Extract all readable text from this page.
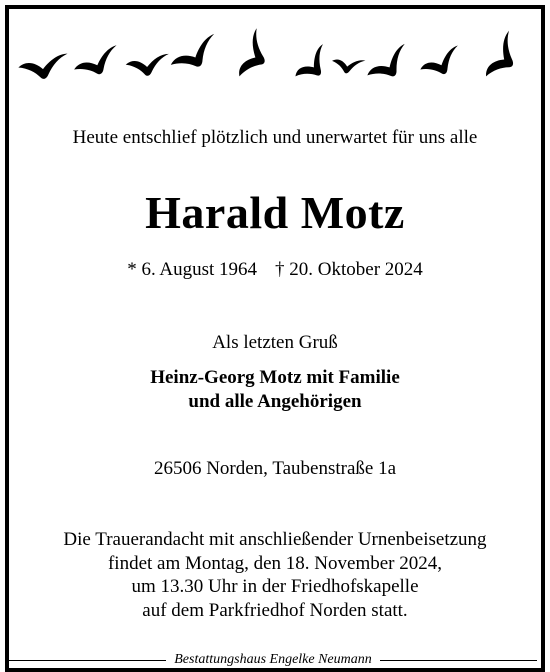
Heute entschlief plötzlich und unerwartet für uns alle
Harald Motz
* 6. August 1964 † 20. Oktober 2024
Als letzten Gruß
Heinz-Georg Motz mit Familie
und alle Angehörigen
26506 Norden, Taubenstraße 1a
Die Trauerandacht mit anschließender Urnenbeisetzung
findet am Montag, den 18. November 2024,
um 13.30 Uhr in der Friedhofskapelle
auf dem Parkfriedhof Norden statt.
Bestattungshaus Engelke Neumann
